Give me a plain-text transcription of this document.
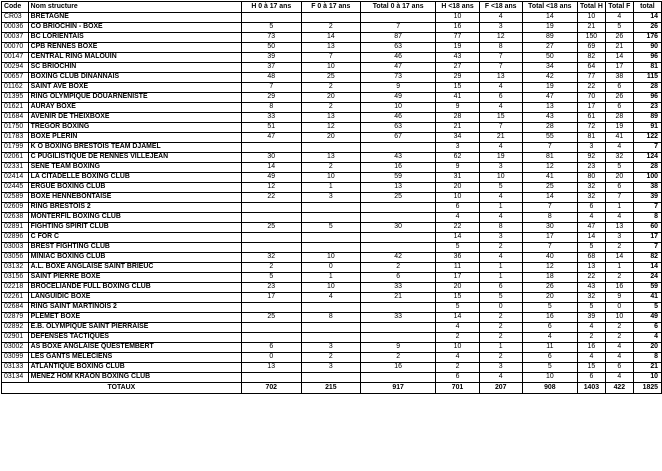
Code	Nom structure	H 0 à 17 ans	F 0 à 17 ans	Total 0 à 17 ans	H <18 ans	F <18 ans	Total <18 ans	Total H	Total F	total
CR03	BRETAGNE				10	4	14	10	4	14
00036	CO BRIOCHIN - BOXE	5	2	7	16	3	19	21	5	26
00037	BC LORIENTAIS	73	14	87	77	12	89	150	26	176
00070	CPB RENNES BOXE	50	13	63	19	8	27	69	21	90
00147	CENTRAL RING MALOUIN	39	7	46	43	7	50	82	14	96
00294	SC BRIOCHIN	37	10	47	27	7	34	64	17	81
00657	BOXING CLUB DINANNAIS	48	25	73	29	13	42	77	38	115
01162	SAINT AVÉ BOXE	7	2	9	15	4	19	22	6	28
01395	RING OLYMPIQUE DOUARNENISTE	29	20	49	41	6	47	70	26	96
01621	AURAY BOXE	8	2	10	9	4	13	17	6	23
01684	AVENIR DE THEIXBOXE	33	13	46	28	15	43	61	28	89
01750	TREGOR BOXING	51	12	63	21	7	28	72	19	91
01783	BOXE PLERIN	47	20	67	34	21	55	81	41	122
01799	K O BOXING BRESTOIS TEAM DJAMEL				3	4	7	3	4	7
02061	C PUGILISTIQUE DE RENNES VILLEJEAN	30	13	43	62	19	81	92	32	124
02331	SENE TEAM BOXING	14	2	16	9	3	12	23	5	28
02414	LA CITADELLE BOXING CLUB	49	10	59	31	10	41	80	20	100
02445	ERGUE BOXING CLUB	12	1	13	20	5	25	32	6	38
02589	BOXE HENNEBONTAISE	22	3	25	10	4	14	32	7	39
02609	RING BRESTOIS 2				6	1	7	6	1	7
02638	MONTERFIL BOXING CLUB				4	4	8	4	4	8
02891	FIGHTING SPIRIT CLUB	25	5	30	22	8	30	47	13	60
02896	C FOR C				14	3	17	14	3	17
03003	BREST FIGHTING CLUB				5	2	7	5	2	7
03056	MINIAC BOXING CLUB	32	10	42	36	4	40	68	14	82
03132	A.L. BOXE ANGLAISE SAINT BRIEUC	2	0	2	11	1	12	13	1	14
03156	SAINT PIERRE BOXE	5	1	6	17	1	18	22	2	24
02218	BROCELIANDE FULL BOXING CLUB	23	10	33	20	6	26	43	16	59
02261	LANGUIDIC BOXE	17	4	21	15	5	20	32	9	41
02684	RING SAINT MARTINOIS 2				5	0	5	5	0	5
02879	PLEMET BOXE	25	8	33	14	2	16	39	10	49
02892	E.B. OLYMPIQUE SAINT PIERRAISE				4	2	6	4	2	6
02901	DEFENSES TACTIQUES				2	2	4	2	2	4
03002	AS BOXE ANGLAISE QUESTEMBERT	6	3	9	10	1	11	16	4	20
03099	LES GANTS MELECIENS	0	2	2	4	2	6	4	4	8
03133	ATLANTIQUE BOXING CLUB	13	3	16	2	3	5	15	6	21
03134	MENEZ HOM KRAON BOXING CLUB				6	4	10	6	4	10
TOTAUX		702	215	917	701	207	908	1403	422	1825
